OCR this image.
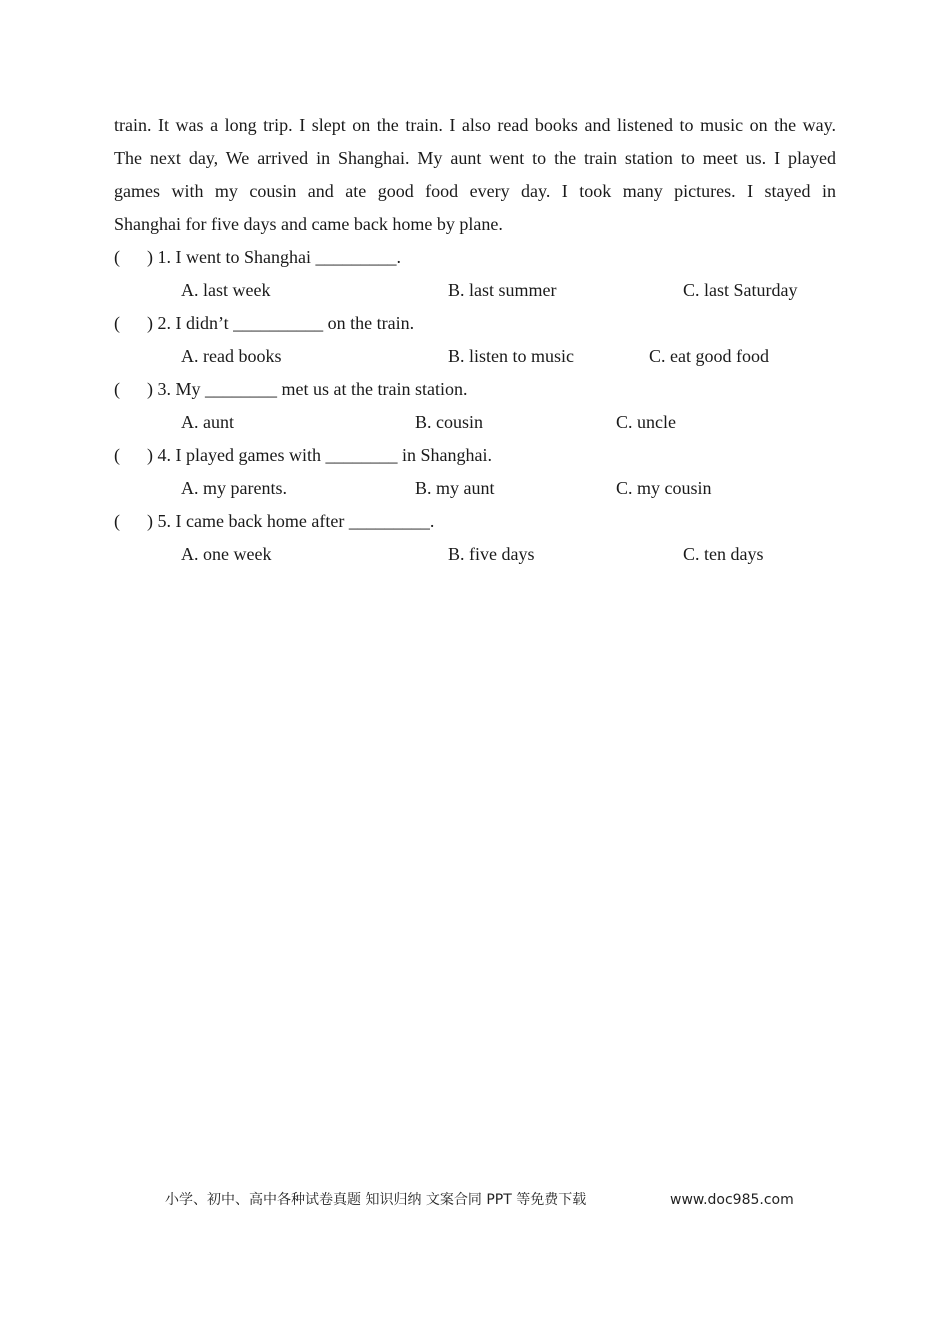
train. It was a long trip. I slept on the train. I also read books and listened to music on the way.
The next day, We arrived in Shanghai. My aunt went to the train station to meet us. I played
games with my cousin and ate good food every day. I took many pictures. I stayed in
Shanghai for five days and came back home by plane.
( ) 1. I went to Shanghai _________.
A. last week	B. last summer	C. last Saturday
( ) 2. I didn’t __________ on the train.
A. read books	B. listen to music	C. eat good food
( ) 3. My ________ met us at the train station.
A. aunt	B. cousin	C. uncle
( ) 4. I played games with ________ in Shanghai.
A. my parents.	B. my aunt	C. my cousin
( ) 5. I came back home after _________.
A. one week	B. five days	C. ten days
小学、初中、高中各种试卷真题 知识归纳 文案合同 PPT 等免费下载	www.doc985.com
